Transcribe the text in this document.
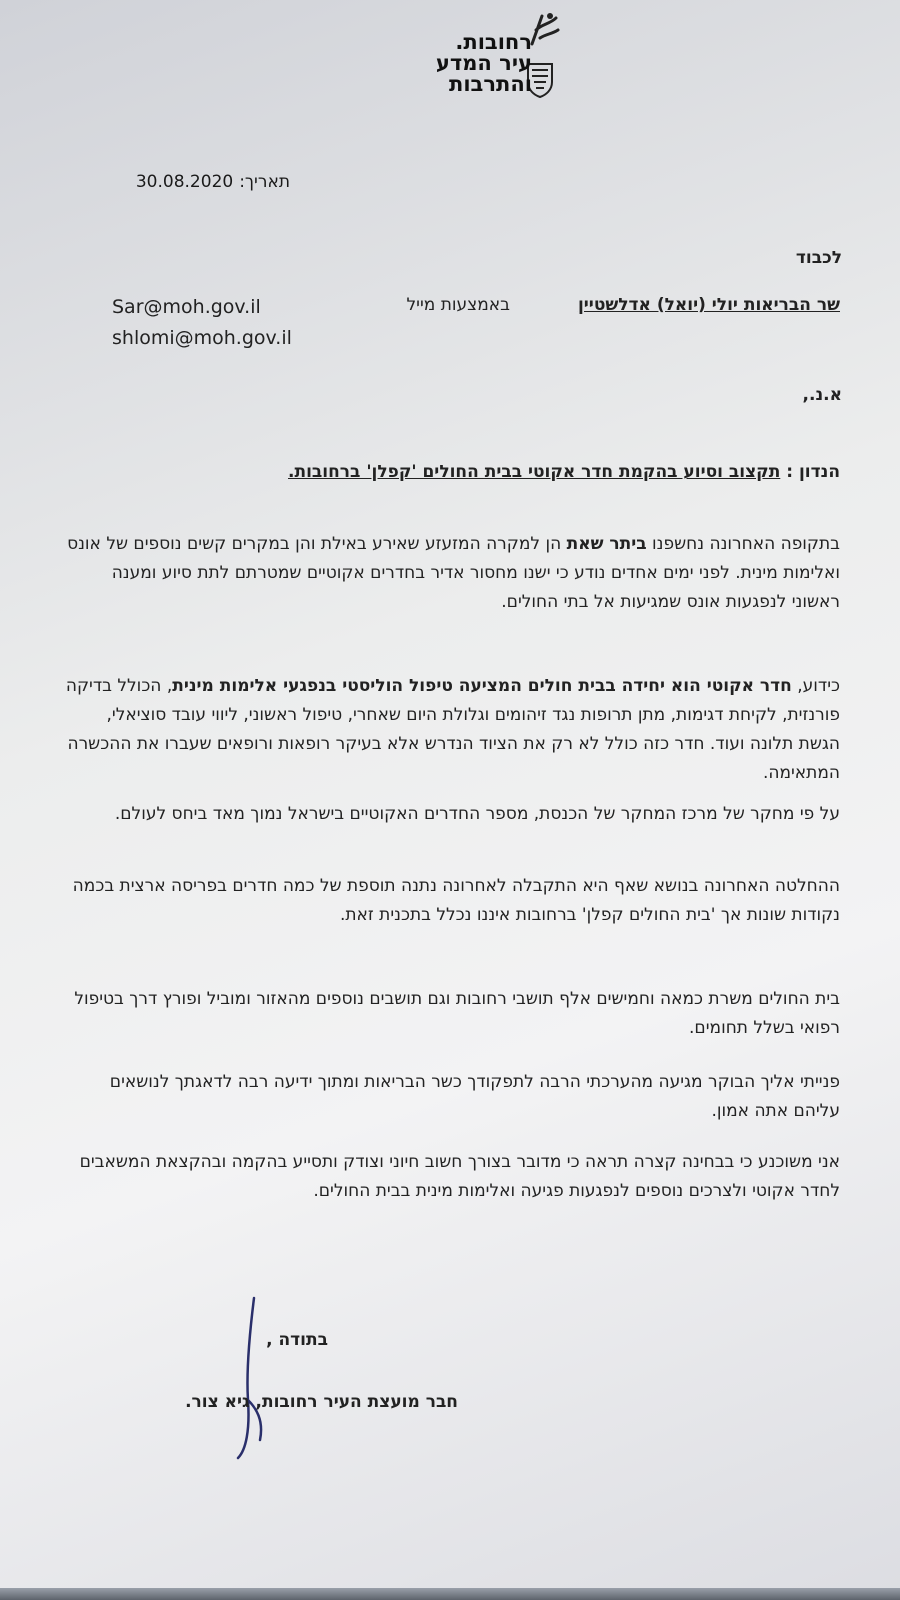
רחובות.
עיר המדע
והתרבות
תאריך:30.08.2020
לכבוד
שר הבריאות יולי (יואל) אדלשטיין
באמצעות מייל
Sar@moh.gov.il
shlomi@moh.gov.il
א.נ.,
הנדון : תקצוב וסיוע בהקמת חדר אקוטי בבית החולים 'קפלן' ברחובות.

בתקופה האחרונה נחשפנו ביתר שאת הן למקרה המזעזע שאירע באילת והן במקרים קשים נוספים של אונס ואלימות מינית. לפני ימים אחדים נודע כי ישנו מחסור אדיר בחדרים אקוטיים שמטרתם לתת סיוע ומענה ראשוני לנפגעות אונס שמגיעות אל בתי החולים.

כידוע, חדר אקוטי הוא יחידה בבית חולים המציעה טיפול הוליסטי בנפגעי אלימות מינית, הכולל בדיקה פורנזית, לקיחת דגימות, מתן תרופות נגד זיהומים וגלולת היום שאחרי, טיפול ראשוני, ליווי עובד סוציאלי, הגשת תלונה ועוד. חדר כזה כולל לא רק את הציוד הנדרש אלא בעיקר רופאות ורופאים שעברו את ההכשרה המתאימה.

על פי מחקר של מרכז המחקר של הכנסת, מספר החדרים האקוטיים בישראל נמוך מאד ביחס לעולם.

ההחלטה האחרונה בנושא שאף היא התקבלה לאחרונה נתנה תוספת של כמה חדרים בפריסה ארצית בכמה נקודות שונות אך 'בית החולים קפלן' ברחובות איננו נכלל בתכנית זאת.

בית החולים משרת כמאה וחמישים אלף תושבי רחובות וגם תושבים נוספים מהאזור ומוביל ופורץ דרך בטיפול רפואי בשלל תחומים.

פנייתי אליך הבוקר מגיעה מהערכתי הרבה לתפקודך כשר הבריאות ומתוך ידיעה רבה לדאגתך לנושאים עליהם אתה אמון.

אני משוכנע כי בבחינה קצרה תראה כי מדובר בצורך חשוב חיוני וצודק ותסייע בהקמה ובהקצאת המשאבים לחדר אקוטי ולצרכים נוספים לנפגעות פגיעה ואלימות מינית בבית החולים.

בתודה ,
חבר מועצת העיר רחובות, גיא צור.
